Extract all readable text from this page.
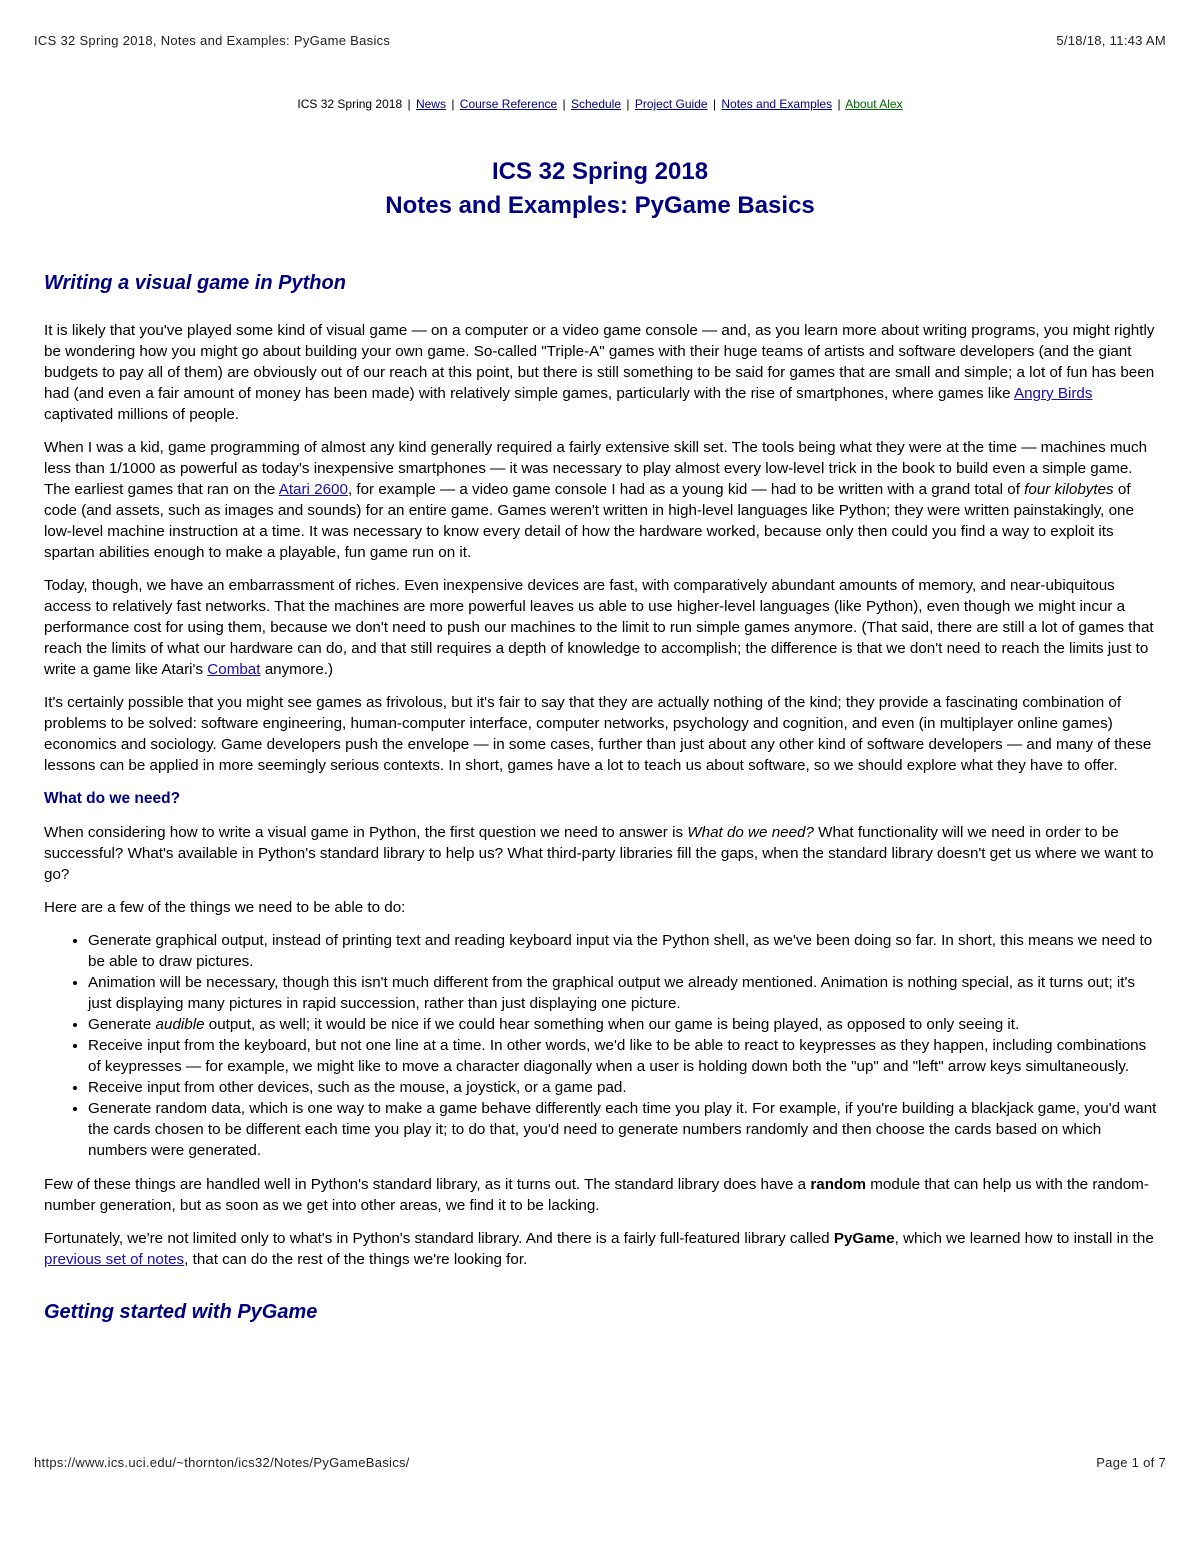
ICS 32 Spring 2018, Notes and Examples: PyGame Basics	5/18/18, 11:43 AM
ICS 32 Spring 2018 | News | Course Reference | Schedule | Project Guide | Notes and Examples | About Alex
ICS 32 Spring 2018
Notes and Examples: PyGame Basics
Writing a visual game in Python

It is likely that you've played some kind of visual game — on a computer or a video game console — and, as you learn more about writing programs, you might rightly be wondering how you might go about building your own game. So-called "Triple-A" games with their huge teams of artists and software developers (and the giant budgets to pay all of them) are obviously out of our reach at this point, but there is still something to be said for games that are small and simple; a lot of fun has been had (and even a fair amount of money has been made) with relatively simple games, particularly with the rise of smartphones, where games like Angry Birds captivated millions of people.

When I was a kid, game programming of almost any kind generally required a fairly extensive skill set. The tools being what they were at the time — machines much less than 1/1000 as powerful as today's inexpensive smartphones — it was necessary to play almost every low-level trick in the book to build even a simple game. The earliest games that ran on the Atari 2600, for example — a video game console I had as a young kid — had to be written with a grand total of four kilobytes of code (and assets, such as images and sounds) for an entire game. Games weren't written in high-level languages like Python; they were written painstakingly, one low-level machine instruction at a time. It was necessary to know every detail of how the hardware worked, because only then could you find a way to exploit its spartan abilities enough to make a playable, fun game run on it.

Today, though, we have an embarrassment of riches. Even inexpensive devices are fast, with comparatively abundant amounts of memory, and near-ubiquitous access to relatively fast networks. That the machines are more powerful leaves us able to use higher-level languages (like Python), even though we might incur a performance cost for using them, because we don't need to push our machines to the limit to run simple games anymore. (That said, there are still a lot of games that reach the limits of what our hardware can do, and that still requires a depth of knowledge to accomplish; the difference is that we don't need to reach the limits just to write a game like Atari's Combat anymore.)

It's certainly possible that you might see games as frivolous, but it's fair to say that they are actually nothing of the kind; they provide a fascinating combination of problems to be solved: software engineering, human-computer interface, computer networks, psychology and cognition, and even (in multiplayer online games) economics and sociology. Game developers push the envelope — in some cases, further than just about any other kind of software developers — and many of these lessons can be applied in more seemingly serious contexts. In short, games have a lot to teach us about software, so we should explore what they have to offer.

What do we need?

When considering how to write a visual game in Python, the first question we need to answer is What do we need? What functionality will we need in order to be successful? What's available in Python's standard library to help us? What third-party libraries fill the gaps, when the standard library doesn't get us where we want to go?

Here are a few of the things we need to be able to do:

• Generate graphical output, instead of printing text and reading keyboard input via the Python shell, as we've been doing so far. In short, this means we need to be able to draw pictures.
• Animation will be necessary, though this isn't much different from the graphical output we already mentioned. Animation is nothing special, as it turns out; it's just displaying many pictures in rapid succession, rather than just displaying one picture.
• Generate audible output, as well; it would be nice if we could hear something when our game is being played, as opposed to only seeing it.
• Receive input from the keyboard, but not one line at a time. In other words, we'd like to be able to react to keypresses as they happen, including combinations of keypresses — for example, we might like to move a character diagonally when a user is holding down both the "up" and "left" arrow keys simultaneously.
• Receive input from other devices, such as the mouse, a joystick, or a game pad.
• Generate random data, which is one way to make a game behave differently each time you play it. For example, if you're building a blackjack game, you'd want the cards chosen to be different each time you play it; to do that, you'd need to generate numbers randomly and then choose the cards based on which numbers were generated.

Few of these things are handled well in Python's standard library, as it turns out. The standard library does have a random module that can help us with the random-number generation, but as soon as we get into other areas, we find it to be lacking.

Fortunately, we're not limited only to what's in Python's standard library. And there is a fairly full-featured library called PyGame, which we learned how to install in the previous set of notes, that can do the rest of the things we're looking for.

Getting started with PyGame
https://www.ics.uci.edu/~thornton/ics32/Notes/PyGameBasics/	Page 1 of 7
